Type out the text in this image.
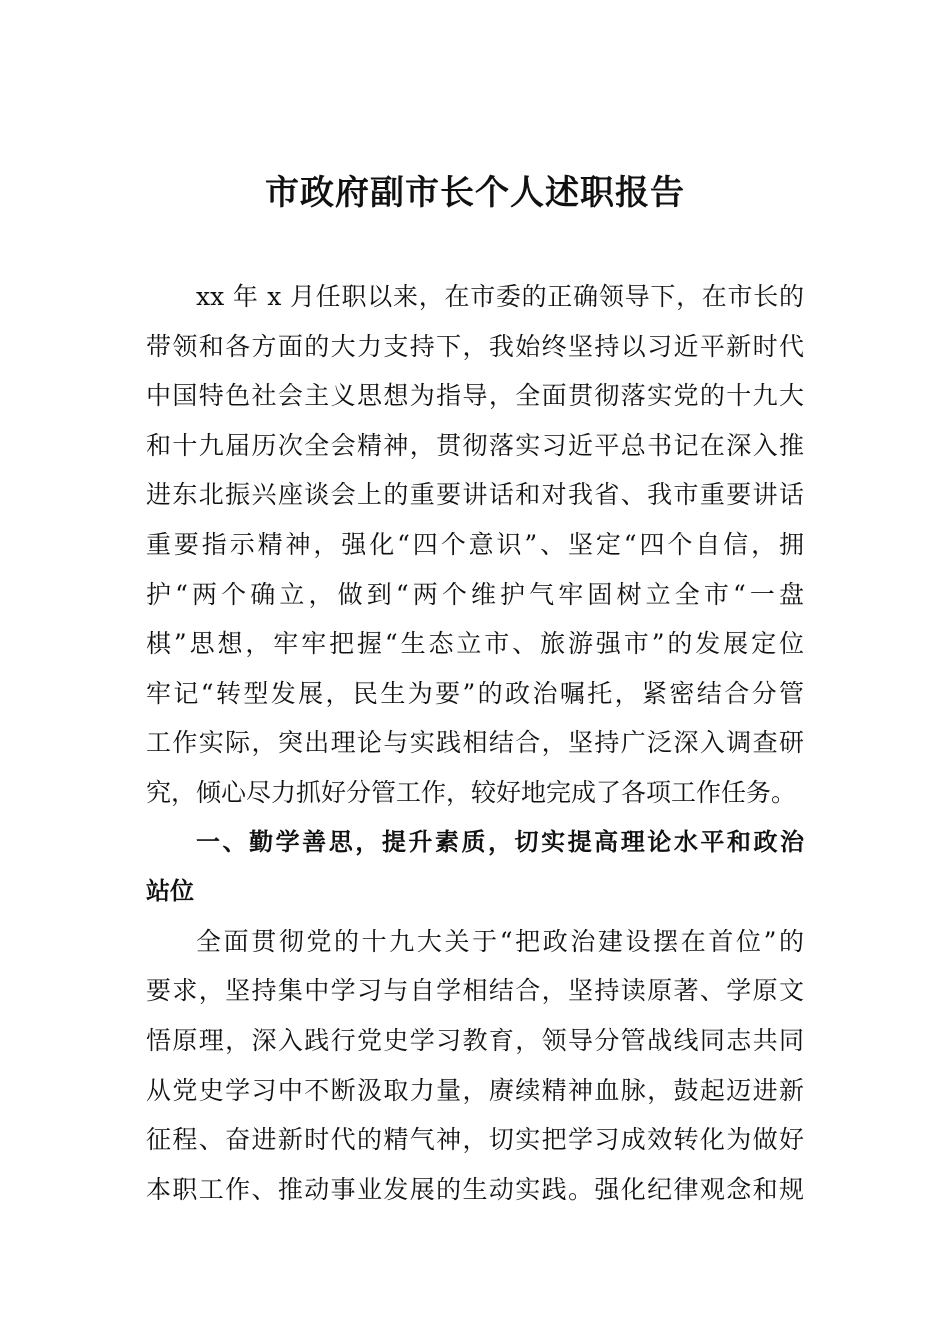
市政府副市长个人述职报告
xx 年 x 月任职以来，在市委的正确领导下，在市长的
带领和各方面的大力支持下，我始终坚持以习近平新时代
中国特色社会主义思想为指导，全面贯彻落实党的十九大
和十九届历次全会精神，贯彻落实习近平总书记在深入推
进东北振兴座谈会上的重要讲话和对我省、我市重要讲话
重要指示精神，强化“四个意识”、坚定“四个自信，拥
护“两个确立，做到“两个维护气牢固树立全市“一盘
棋”思想，牢牢把握“生态立市、旅游强市”的发展定位
牢记“转型发展，民生为要”的政治嘱托，紧密结合分管
工作实际，突出理论与实践相结合，坚持广泛深入调查研
究，倾心尽力抓好分管工作，较好地完成了各项工作任务。
一、勤学善思，提升素质，切实提高理论水平和政治
站位
全面贯彻党的十九大关于“把政治建设摆在首位”的
要求，坚持集中学习与自学相结合，坚持读原著、学原文
悟原理，深入践行党史学习教育，领导分管战线同志共同
从党史学习中不断汲取力量，赓续精神血脉，鼓起迈进新
征程、奋进新时代的精气神，切实把学习成效转化为做好
本职工作、推动事业发展的生动实践。强化纪律观念和规
